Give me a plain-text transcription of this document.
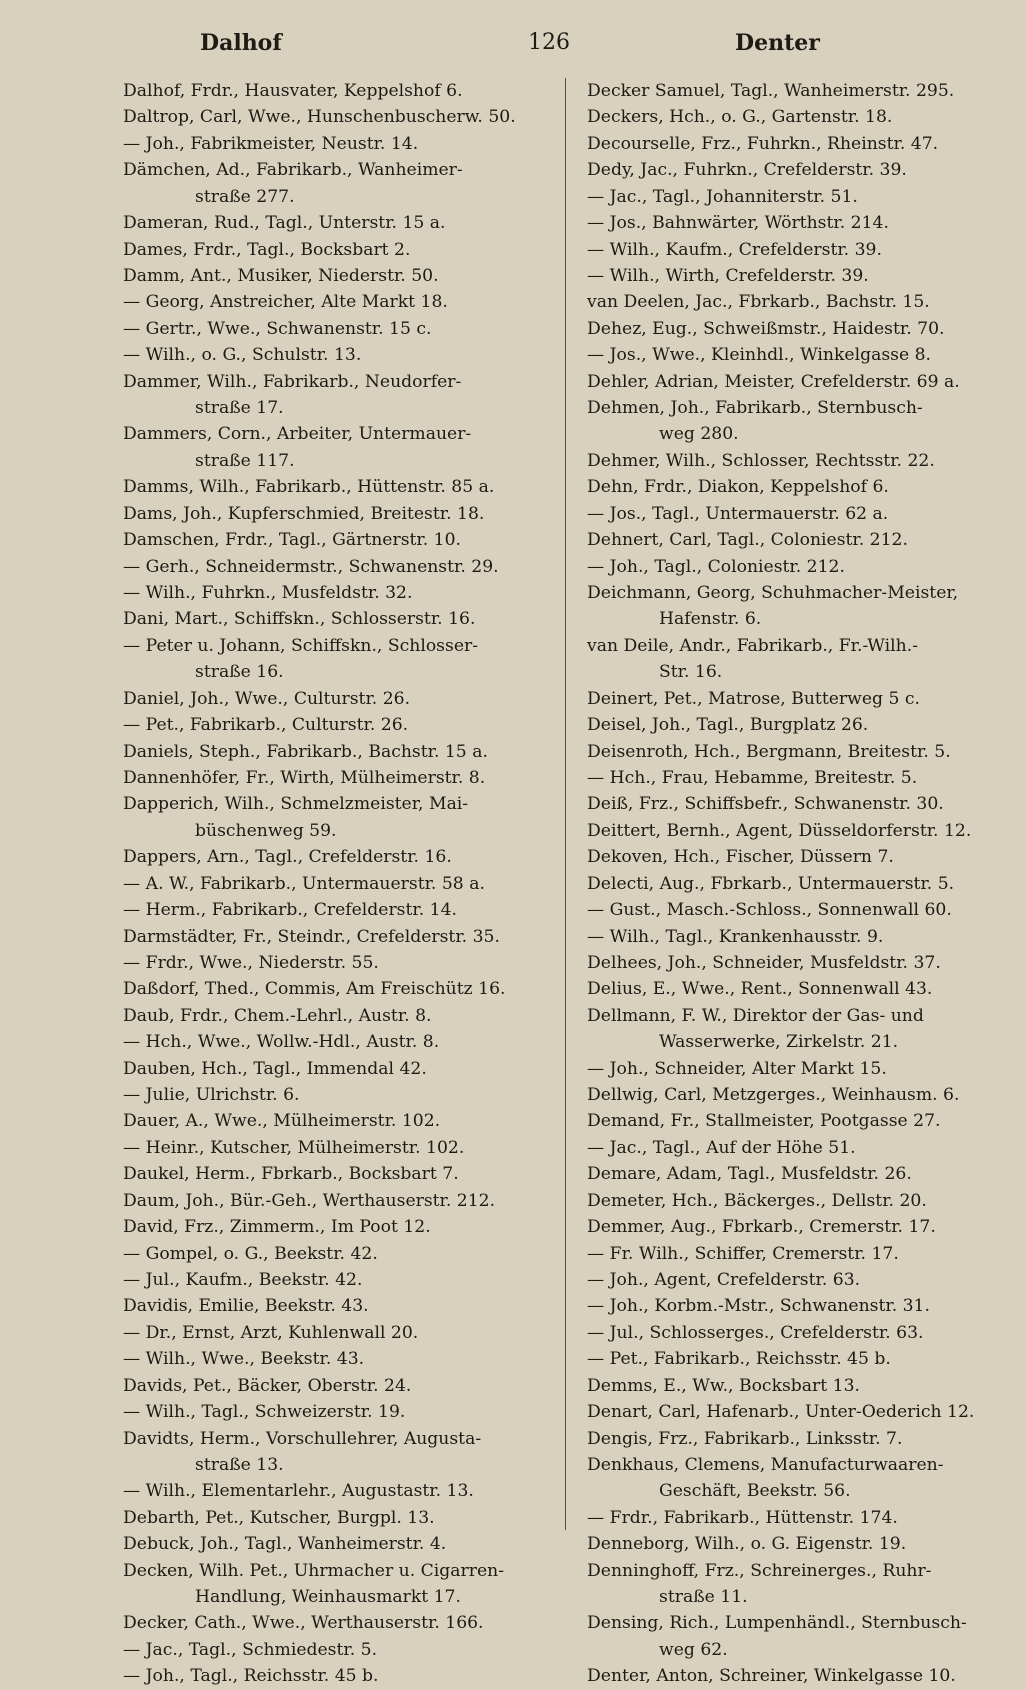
Dalhof	126	Denter
Dalhof, Frdr., Hausvater, Keppelshof 6.
Daltrop, Carl, Wwe., Hunschenbuscherw. 50.
— Joh., Fabrikmeister, Neustr. 14.
Dämchen, Ad., Fabrikarb., Wanheimer-
straße 277.
Dameran, Rud., Tagl., Unterstr. 15 a.
Dames, Frdr., Tagl., Bocksbart 2.
Damm, Ant., Musiker, Niederstr. 50.
— Georg, Anstreicher, Alte Markt 18.
— Gertr., Wwe., Schwanenstr. 15 c.
— Wilh., o. G., Schulstr. 13.
Dammer, Wilh., Fabrikarb., Neudorfer-
straße 17.
Dammers, Corn., Arbeiter, Untermauer-
straße 117.
Damms, Wilh., Fabrikarb., Hüttenstr. 85 a.
Dams, Joh., Kupferschmied, Breitestr. 18.
Damschen, Frdr., Tagl., Gärtnerstr. 10.
— Gerh., Schneidermstr., Schwanenstr. 29.
— Wilh., Fuhrkn., Musfeldstr. 32.
Dani, Mart., Schiffskn., Schlosserstr. 16.
— Peter u. Johann, Schiffskn., Schlosser-
straße 16.
Daniel, Joh., Wwe., Culturstr. 26.
— Pet., Fabrikarb., Culturstr. 26.
Daniels, Steph., Fabrikarb., Bachstr. 15 a.
Dannenhöfer, Fr., Wirth, Mülheimerstr. 8.
Dapperich, Wilh., Schmelzmeister, Mai-
büschenweg 59.
Dappers, Arn., Tagl., Crefelderstr. 16.
— A. W., Fabrikarb., Untermauerstr. 58 a.
— Herm., Fabrikarb., Crefelderstr. 14.
Darmstädter, Fr., Steindr., Crefelderstr. 35.
— Frdr., Wwe., Niederstr. 55.
Daßdorf, Thed., Commis, Am Freischütz 16.
Daub, Frdr., Chem.-Lehrl., Austr. 8.
— Hch., Wwe., Wollw.-Hdl., Austr. 8.
Dauben, Hch., Tagl., Immendal 42.
— Julie, Ulrichstr. 6.
Dauer, A., Wwe., Mülheimerstr. 102.
— Heinr., Kutscher, Mülheimerstr. 102.
Daukel, Herm., Fbrkarb., Bocksbart 7.
Daum, Joh., Bür.-Geh., Werthauserstr. 212.
David, Frz., Zimmerm., Im Poot 12.
— Gompel, o. G., Beekstr. 42.
— Jul., Kaufm., Beekstr. 42.
Davidis, Emilie, Beekstr. 43.
— Dr., Ernst, Arzt, Kuhlenwall 20.
— Wilh., Wwe., Beekstr. 43.
Davids, Pet., Bäcker, Oberstr. 24.
— Wilh., Tagl., Schweizerstr. 19.
Davidts, Herm., Vorschullehrer, Augusta-
straße 13.
— Wilh., Elementarlehr., Augustastr. 13.
Debarth, Pet., Kutscher, Burgpl. 13.
Debuck, Joh., Tagl., Wanheimerstr. 4.
Decken, Wilh. Pet., Uhrmacher u. Cigarren-
Handlung, Weinhausmarkt 17.
Decker, Cath., Wwe., Werthauserstr. 166.
— Jac., Tagl., Schmiedestr. 5.
— Joh., Tagl., Reichsstr. 45 b.
Decker Samuel, Tagl., Wanheimerstr. 295.
Deckers, Hch., o. G., Gartenstr. 18.
Decourselle, Frz., Fuhrkn., Rheinstr. 47.
Dedy, Jac., Fuhrkn., Crefelderstr. 39.
— Jac., Tagl., Johanniterstr. 51.
— Jos., Bahnwärter, Wörthstr. 214.
— Wilh., Kaufm., Crefelderstr. 39.
— Wilh., Wirth, Crefelderstr. 39.
van Deelen, Jac., Fbrkarb., Bachstr. 15.
Dehez, Eug., Schweißmstr., Haidestr. 70.
— Jos., Wwe., Kleinhdl., Winkelgasse 8.
Dehler, Adrian, Meister, Crefelderstr. 69 a.
Dehmen, Joh., Fabrikarb., Sternbusch-
weg 280.
Dehmer, Wilh., Schlosser, Rechtsstr. 22.
Dehn, Frdr., Diakon, Keppelshof 6.
— Jos., Tagl., Untermauerstr. 62 a.
Dehnert, Carl, Tagl., Coloniestr. 212.
— Joh., Tagl., Coloniestr. 212.
Deichmann, Georg, Schuhmacher-Meister,
Hafenstr. 6.
van Deile, Andr., Fabrikarb., Fr.-Wilh.-
Str. 16.
Deinert, Pet., Matrose, Butterweg 5 c.
Deisel, Joh., Tagl., Burgplatz 26.
Deisenroth, Hch., Bergmann, Breitestr. 5.
— Hch., Frau, Hebamme, Breitestr. 5.
Deiß, Frz., Schiffsbefr., Schwanenstr. 30.
Deittert, Bernh., Agent, Düsseldorferstr. 12.
Dekoven, Hch., Fischer, Düssern 7.
Delecti, Aug., Fbrkarb., Untermauerstr. 5.
— Gust., Masch.-Schloss., Sonnenwall 60.
— Wilh., Tagl., Krankenhausstr. 9.
Delhees, Joh., Schneider, Musfeldstr. 37.
Delius, E., Wwe., Rent., Sonnenwall 43.
Dellmann, F. W., Direktor der Gas- und
Wasserwerke, Zirkelstr. 21.
— Joh., Schneider, Alter Markt 15.
Dellwig, Carl, Metzgerges., Weinhausm. 6.
Demand, Fr., Stallmeister, Pootgasse 27.
— Jac., Tagl., Auf der Höhe 51.
Demare, Adam, Tagl., Musfeldstr. 26.
Demeter, Hch., Bäckerges., Dellstr. 20.
Demmer, Aug., Fbrkarb., Cremerstr. 17.
— Fr. Wilh., Schiffer, Cremerstr. 17.
— Joh., Agent, Crefelderstr. 63.
— Joh., Korbm.-Mstr., Schwanenstr. 31.
— Jul., Schlosserges., Crefelderstr. 63.
— Pet., Fabrikarb., Reichsstr. 45 b.
Demms, E., Ww., Bocksbart 13.
Denart, Carl, Hafenarb., Unter-Oederich 12.
Dengis, Frz., Fabrikarb., Linksstr. 7.
Denkhaus, Clemens, Manufacturwaaren-
Geschäft, Beekstr. 56.
— Frdr., Fabrikarb., Hüttenstr. 174.
Denneborg, Wilh., o. G. Eigenstr. 19.
Denninghoff, Frz., Schreinerges., Ruhr-
straße 11.
Densing, Rich., Lumpenhändl., Sternbusch-
weg 62.
Denter, Anton, Schreiner, Winkelgasse 10.
